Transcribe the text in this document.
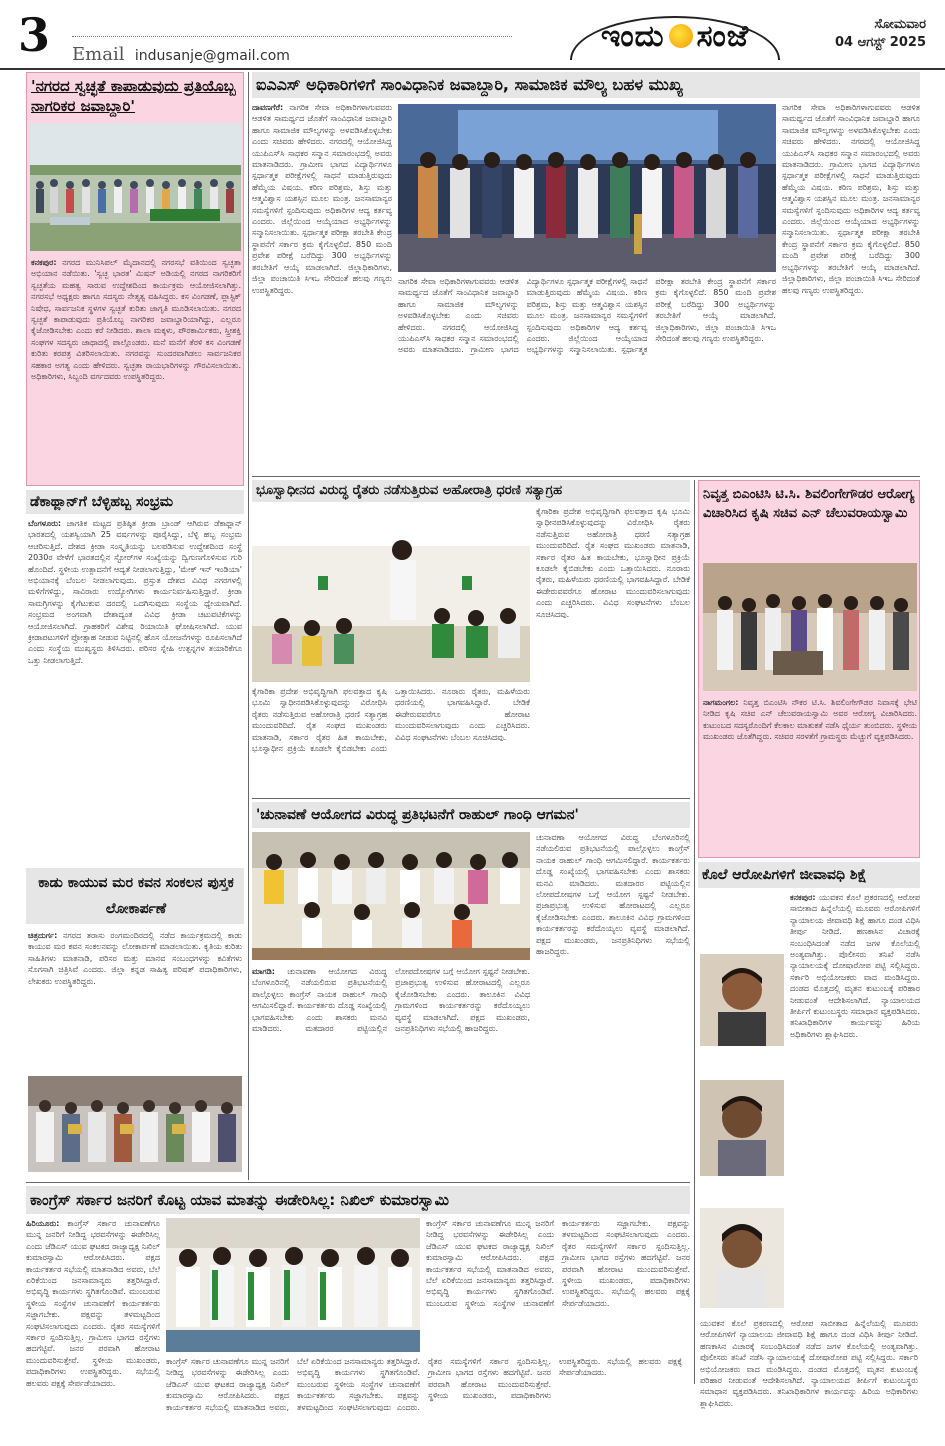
3 Email indusanje@gmail.com
ಇಂದು ಸಂಜೆ	ಸೋಮವಾರ
04 ಆಗಸ್ಟ್ 2025
'ನಗರದ ಸ್ವಚ್ಛತೆ ಕಾಪಾಡುವುದು ಪ್ರತಿಯೊಬ್ಬ ನಾಗರಿಕರ ಜವಾಬ್ದಾರಿ'
ಕನಕಪುರ: ನಗರದ ಮುನಿಸಿಪಲ್ ಮೈದಾನದಲ್ಲಿ ನಗರಸಭೆ ವತಿಯಿಂದ ಸ್ವಚ್ಛತಾ ಅಭಿಯಾನ ನಡೆಯಿತು. 'ಸ್ವಚ್ಛ ಭಾರತ' ಮಿಷನ್ ಅಡಿಯಲ್ಲಿ ನಗರದ ನಾಗರಿಕರಿಗೆ ಸ್ವಚ್ಛತೆಯ ಮಹತ್ವ ಸಾರುವ ಉದ್ದೇಶದಿಂದ ಕಾರ್ಯಕ್ರಮ ಆಯೋಜಿಸಲಾಗಿತ್ತು. ನಗರಸಭೆ ಅಧ್ಯಕ್ಷರು ಹಾಗೂ ಸದಸ್ಯರು ನೇತೃತ್ವ ವಹಿಸಿದ್ದರು. ಕಸ ವಿಂಗಡಣೆ, ಪ್ಲಾಸ್ಟಿಕ್ ನಿಷೇಧ, ಸಾರ್ವಜನಿಕ ಸ್ಥಳಗಳ ಸ್ವಚ್ಛತೆ ಕುರಿತು ಜಾಗೃತಿ ಮೂಡಿಸಲಾಯಿತು. ನಗರದ ಸ್ವಚ್ಛತೆ ಕಾಪಾಡುವುದು ಪ್ರತಿಯೊಬ್ಬ ನಾಗರಿಕರ ಜವಾಬ್ದಾರಿಯಾಗಿದ್ದು, ಎಲ್ಲರೂ ಕೈಜೋಡಿಸಬೇಕು ಎಂದು ಕರೆ ನೀಡಿದರು. ಶಾಲಾ ಮಕ್ಕಳು, ಪೌರಕಾರ್ಮಿಕರು, ಸ್ತ್ರೀಶಕ್ತಿ ಸಂಘಗಳ ಸದಸ್ಯರು ಜಾಥಾದಲ್ಲಿ ಪಾಲ್ಗೊಂಡರು. ಮನೆ ಮನೆಗೆ ತೆರಳಿ ಕಸ ವಿಂಗಡಣೆ ಕುರಿತು ಕರಪತ್ರ ವಿತರಿಸಲಾಯಿತು. ನಗರವನ್ನು ಸುಂದರವಾಗಿಡಲು ಸಾರ್ವಜನಿಕರ ಸಹಕಾರ ಅಗತ್ಯ ಎಂದು ಹೇಳಿದರು. ಸ್ವಚ್ಛತಾ ರಾಯಭಾರಿಗಳನ್ನು ಗೌರವಿಸಲಾಯಿತು. ಅಧಿಕಾರಿಗಳು, ಸಿಬ್ಬಂದಿ ವರ್ಗದವರು ಉಪಸ್ಥಿತರಿದ್ದರು.
ಡೆಕಾಥ್ಲಾನ್‌ಗೆ ಬೆಳ್ಳಿಹಬ್ಬ ಸಂಭ್ರಮ
ಬೆಂಗಳೂರು: ಜಾಗತಿಕ ಮಟ್ಟದ ಪ್ರತಿಷ್ಠಿತ ಕ್ರೀಡಾ ಬ್ರಾಂಡ್ ಆಗಿರುವ ಡೆಕಾಥ್ಲಾನ್ ಭಾರತದಲ್ಲಿ ಯಶಸ್ವಿಯಾಗಿ 25 ವರ್ಷಗಳನ್ನು ಪೂರೈಸಿದ್ದು, ಬೆಳ್ಳಿ ಹಬ್ಬ ಸಂಭ್ರಮ ಆಚರಿಸುತ್ತಿದೆ. ದೇಶದ ಕ್ರೀಡಾ ಸಂಸ್ಕೃತಿಯನ್ನು ಬಲಪಡಿಸುವ ಉದ್ದೇಶದಿಂದ ಸಂಸ್ಥೆ 2030ರ ವೇಳೆಗೆ ಭಾರತದಲ್ಲಿನ ಸ್ಟೋರ್‌ಗಳ ಸಂಖ್ಯೆಯನ್ನು ದ್ವಿಗುಣಗೊಳಿಸುವ ಗುರಿ ಹೊಂದಿದೆ. ಸ್ಥಳೀಯ ಉತ್ಪಾದನೆಗೆ ಆದ್ಯತೆ ನೀಡಲಾಗುತ್ತಿದ್ದು, 'ಮೇಕ್ ಇನ್ ಇಂಡಿಯಾ' ಅಭಿಯಾನಕ್ಕೆ ಬೆಂಬಲ ನೀಡಲಾಗುವುದು. ಪ್ರಸ್ತುತ ದೇಶದ ವಿವಿಧ ನಗರಗಳಲ್ಲಿ ಮಳಿಗೆಗಳಿದ್ದು, ಸಾವಿರಾರು ಉದ್ಯೋಗಿಗಳು ಕಾರ್ಯನಿರ್ವಹಿಸುತ್ತಿದ್ದಾರೆ. ಕ್ರೀಡಾ ಸಾಮಗ್ರಿಗಳನ್ನು ಕೈಗೆಟುಕುವ ದರದಲ್ಲಿ ಒದಗಿಸುವುದು ಸಂಸ್ಥೆಯ ಧ್ಯೇಯವಾಗಿದೆ. ಸಂಭ್ರಮದ ಅಂಗವಾಗಿ ದೇಶಾದ್ಯಂತ ವಿವಿಧ ಕ್ರೀಡಾ ಚಟುವಟಿಕೆಗಳನ್ನು ಆಯೋಜಿಸಲಾಗಿದೆ. ಗ್ರಾಹಕರಿಗೆ ವಿಶೇಷ ರಿಯಾಯಿತಿ ಘೋಷಿಸಲಾಗಿದೆ. ಯುವ ಕ್ರೀಡಾಪಟುಗಳಿಗೆ ಪ್ರೋತ್ಸಾಹ ನೀಡುವ ನಿಟ್ಟಿನಲ್ಲಿ ಹೊಸ ಯೋಜನೆಗಳನ್ನು ರೂಪಿಸಲಾಗಿದೆ ಎಂದು ಸಂಸ್ಥೆಯ ಮುಖ್ಯಸ್ಥರು ತಿಳಿಸಿದರು. ಪರಿಸರ ಸ್ನೇಹಿ ಉತ್ಪನ್ನಗಳ ತಯಾರಿಕೆಗೂ ಒತ್ತು ನೀಡಲಾಗುತ್ತಿದೆ.
ಕಾಡು ಕಾಯುವ ಮರ ಕವನ ಸಂಕಲನ ಪುಸ್ತಕ ಲೋಕಾರ್ಪಣೆ
ಚಿತ್ರದುರ್ಗ: ನಗರದ ತರಾಸು ರಂಗಮಂದಿರದಲ್ಲಿ ನಡೆದ ಕಾರ್ಯಕ್ರಮದಲ್ಲಿ ಕಾಡು ಕಾಯುವ ಮರ ಕವನ ಸಂಕಲನವನ್ನು ಲೋಕಾರ್ಪಣೆ ಮಾಡಲಾಯಿತು. ಕೃತಿಯ ಕುರಿತು ಸಾಹಿತಿಗಳು ಮಾತನಾಡಿ, ಪರಿಸರ ಮತ್ತು ಮಾನವ ಸಂಬಂಧಗಳನ್ನು ಕವಿತೆಗಳು ಸೊಗಸಾಗಿ ಚಿತ್ರಿಸಿವೆ ಎಂದರು. ಜಿಲ್ಲಾ ಕನ್ನಡ ಸಾಹಿತ್ಯ ಪರಿಷತ್ ಪದಾಧಿಕಾರಿಗಳು, ಲೇಖಕರು ಉಪಸ್ಥಿತರಿದ್ದರು.
ಐಎಎಸ್ ಅಧಿಕಾರಿಗಳಿಗೆ ಸಾಂವಿಧಾನಿಕ ಜವಾಬ್ದಾರಿ, ಸಾಮಾಜಿಕ ಮೌಲ್ಯ ಬಹಳ ಮುಖ್ಯ
ದಾವಣಗೆರೆ: ನಾಗರಿಕ ಸೇವಾ ಅಧಿಕಾರಿಗಳಾಗುವವರು ಆಡಳಿತ ಸಾಮರ್ಥ್ಯದ ಜೊತೆಗೆ ಸಾಂವಿಧಾನಿಕ ಜವಾಬ್ದಾರಿ ಹಾಗೂ ಸಾಮಾಜಿಕ ಮೌಲ್ಯಗಳನ್ನು ಅಳವಡಿಸಿಕೊಳ್ಳಬೇಕು ಎಂದು ಸಚಿವರು ಹೇಳಿದರು. ನಗರದಲ್ಲಿ ಆಯೋಜಿಸಿದ್ದ ಯುಪಿಎಸ್‌ಸಿ ಸಾಧಕರ ಸನ್ಮಾನ ಸಮಾರಂಭದಲ್ಲಿ ಅವರು ಮಾತನಾಡಿದರು. ಗ್ರಾಮೀಣ ಭಾಗದ ವಿದ್ಯಾರ್ಥಿಗಳೂ ಸ್ಪರ್ಧಾತ್ಮಕ ಪರೀಕ್ಷೆಗಳಲ್ಲಿ ಸಾಧನೆ ಮಾಡುತ್ತಿರುವುದು ಹೆಮ್ಮೆಯ ವಿಷಯ. ಕಠಿಣ ಪರಿಶ್ರಮ, ಶಿಸ್ತು ಮತ್ತು ಆತ್ಮವಿಶ್ವಾಸ ಯಶಸ್ಸಿನ ಮೂಲ ಮಂತ್ರ. ಜನಸಾಮಾನ್ಯರ ಸಮಸ್ಯೆಗಳಿಗೆ ಸ್ಪಂದಿಸುವುದು ಅಧಿಕಾರಿಗಳ ಆದ್ಯ ಕರ್ತವ್ಯ ಎಂದರು. ಜಿಲ್ಲೆಯಿಂದ ಆಯ್ಕೆಯಾದ ಅಭ್ಯರ್ಥಿಗಳನ್ನು ಸನ್ಮಾನಿಸಲಾಯಿತು. ಸ್ಪರ್ಧಾತ್ಮಕ ಪರೀಕ್ಷಾ ತರಬೇತಿ ಕೇಂದ್ರ ಸ್ಥಾಪನೆಗೆ ಸರ್ಕಾರ ಕ್ರಮ ಕೈಗೊಳ್ಳಲಿದೆ. 850 ಮಂದಿ ಪ್ರವೇಶ ಪರೀಕ್ಷೆ ಬರೆದಿದ್ದು 300 ಅಭ್ಯರ್ಥಿಗಳನ್ನು ತರಬೇತಿಗೆ ಆಯ್ಕೆ ಮಾಡಲಾಗಿದೆ. ಜಿಲ್ಲಾಧಿಕಾರಿಗಳು, ಜಿಲ್ಲಾ ಪಂಚಾಯಿತಿ ಸಿಇಒ ಸೇರಿದಂತೆ ಹಲವು ಗಣ್ಯರು ಉಪಸ್ಥಿತರಿದ್ದರು.
ನಾಗರಿಕ ಸೇವಾ ಅಧಿಕಾರಿಗಳಾಗುವವರು ಆಡಳಿತ ಸಾಮರ್ಥ್ಯದ ಜೊತೆಗೆ ಸಾಂವಿಧಾನಿಕ ಜವಾಬ್ದಾರಿ ಹಾಗೂ ಸಾಮಾಜಿಕ ಮೌಲ್ಯಗಳನ್ನು ಅಳವಡಿಸಿಕೊಳ್ಳಬೇಕು ಎಂದು ಸಚಿವರು ಹೇಳಿದರು. ನಗರದಲ್ಲಿ ಆಯೋಜಿಸಿದ್ದ ಯುಪಿಎಸ್‌ಸಿ ಸಾಧಕರ ಸನ್ಮಾನ ಸಮಾರಂಭದಲ್ಲಿ ಅವರು ಮಾತನಾಡಿದರು. ಗ್ರಾಮೀಣ ಭಾಗದ ವಿದ್ಯಾರ್ಥಿಗಳೂ ಸ್ಪರ್ಧಾತ್ಮಕ ಪರೀಕ್ಷೆಗಳಲ್ಲಿ ಸಾಧನೆ ಮಾಡುತ್ತಿರುವುದು ಹೆಮ್ಮೆಯ ವಿಷಯ. ಕಠಿಣ ಪರಿಶ್ರಮ, ಶಿಸ್ತು ಮತ್ತು ಆತ್ಮವಿಶ್ವಾಸ ಯಶಸ್ಸಿನ ಮೂಲ ಮಂತ್ರ. ಜನಸಾಮಾನ್ಯರ ಸಮಸ್ಯೆಗಳಿಗೆ ಸ್ಪಂದಿಸುವುದು ಅಧಿಕಾರಿಗಳ ಆದ್ಯ ಕರ್ತವ್ಯ ಎಂದರು. ಜಿಲ್ಲೆಯಿಂದ ಆಯ್ಕೆಯಾದ ಅಭ್ಯರ್ಥಿಗಳನ್ನು ಸನ್ಮಾನಿಸಲಾಯಿತು. ಸ್ಪರ್ಧಾತ್ಮಕ ಪರೀಕ್ಷಾ ತರಬೇತಿ ಕೇಂದ್ರ ಸ್ಥಾಪನೆಗೆ ಸರ್ಕಾರ ಕ್ರಮ ಕೈಗೊಳ್ಳಲಿದೆ. 850 ಮಂದಿ ಪ್ರವೇಶ ಪರೀಕ್ಷೆ ಬರೆದಿದ್ದು 300 ಅಭ್ಯರ್ಥಿಗಳನ್ನು ತರಬೇತಿಗೆ ಆಯ್ಕೆ ಮಾಡಲಾಗಿದೆ. ಜಿಲ್ಲಾಧಿಕಾರಿಗಳು, ಜಿಲ್ಲಾ ಪಂಚಾಯಿತಿ ಸಿಇಒ ಸೇರಿದಂತೆ ಹಲವು ಗಣ್ಯರು ಉಪಸ್ಥಿತರಿದ್ದರು.
ನಾಗರಿಕ ಸೇವಾ ಅಧಿಕಾರಿಗಳಾಗುವವರು ಆಡಳಿತ ಸಾಮರ್ಥ್ಯದ ಜೊತೆಗೆ ಸಾಂವಿಧಾನಿಕ ಜವಾಬ್ದಾರಿ ಹಾಗೂ ಸಾಮಾಜಿಕ ಮೌಲ್ಯಗಳನ್ನು ಅಳವಡಿಸಿಕೊಳ್ಳಬೇಕು ಎಂದು ಸಚಿವರು ಹೇಳಿದರು. ನಗರದಲ್ಲಿ ಆಯೋಜಿಸಿದ್ದ ಯುಪಿಎಸ್‌ಸಿ ಸಾಧಕರ ಸನ್ಮಾನ ಸಮಾರಂಭದಲ್ಲಿ ಅವರು ಮಾತನಾಡಿದರು. ಗ್ರಾಮೀಣ ಭಾಗದ ವಿದ್ಯಾರ್ಥಿಗಳೂ ಸ್ಪರ್ಧಾತ್ಮಕ ಪರೀಕ್ಷೆಗಳಲ್ಲಿ ಸಾಧನೆ ಮಾಡುತ್ತಿರುವುದು ಹೆಮ್ಮೆಯ ವಿಷಯ. ಕಠಿಣ ಪರಿಶ್ರಮ, ಶಿಸ್ತು ಮತ್ತು ಆತ್ಮವಿಶ್ವಾಸ ಯಶಸ್ಸಿನ ಮೂಲ ಮಂತ್ರ. ಜನಸಾಮಾನ್ಯರ ಸಮಸ್ಯೆಗಳಿಗೆ ಸ್ಪಂದಿಸುವುದು ಅಧಿಕಾರಿಗಳ ಆದ್ಯ ಕರ್ತವ್ಯ ಎಂದರು. ಜಿಲ್ಲೆಯಿಂದ ಆಯ್ಕೆಯಾದ ಅಭ್ಯರ್ಥಿಗಳನ್ನು ಸನ್ಮಾನಿಸಲಾಯಿತು. ಸ್ಪರ್ಧಾತ್ಮಕ ಪರೀಕ್ಷಾ ತರಬೇತಿ ಕೇಂದ್ರ ಸ್ಥಾಪನೆಗೆ ಸರ್ಕಾರ ಕ್ರಮ ಕೈಗೊಳ್ಳಲಿದೆ. 850 ಮಂದಿ ಪ್ರವೇಶ ಪರೀಕ್ಷೆ ಬರೆದಿದ್ದು 300 ಅಭ್ಯರ್ಥಿಗಳನ್ನು ತರಬೇತಿಗೆ ಆಯ್ಕೆ ಮಾಡಲಾಗಿದೆ. ಜಿಲ್ಲಾಧಿಕಾರಿಗಳು, ಜಿಲ್ಲಾ ಪಂಚಾಯಿತಿ ಸಿಇಒ ಸೇರಿದಂತೆ ಹಲವು ಗಣ್ಯರು ಉಪಸ್ಥಿತರಿದ್ದರು.
ಭೂಸ್ವಾಧೀನದ ವಿರುದ್ಧ ರೈತರು ನಡೆಸುತ್ತಿರುವ ಅಹೋರಾತ್ರಿ ಧರಣಿ ಸತ್ಯಾಗ್ರಹ
ಕೈಗಾರಿಕಾ ಪ್ರದೇಶ ಅಭಿವೃದ್ಧಿಗಾಗಿ ಫಲವತ್ತಾದ ಕೃಷಿ ಭೂಮಿ ಸ್ವಾಧೀನಪಡಿಸಿಕೊಳ್ಳುವುದನ್ನು ವಿರೋಧಿಸಿ ರೈತರು ನಡೆಸುತ್ತಿರುವ ಅಹೋರಾತ್ರಿ ಧರಣಿ ಸತ್ಯಾಗ್ರಹ ಮುಂದುವರಿದಿದೆ. ರೈತ ಸಂಘದ ಮುಖಂಡರು ಮಾತನಾಡಿ, ಸರ್ಕಾರ ರೈತರ ಹಿತ ಕಾಯಬೇಕು, ಭೂಸ್ವಾಧೀನ ಪ್ರಕ್ರಿಯೆ ಕೂಡಲೇ ಕೈಬಿಡಬೇಕು ಎಂದು ಒತ್ತಾಯಿಸಿದರು. ನೂರಾರು ರೈತರು, ಮಹಿಳೆಯರು ಧರಣಿಯಲ್ಲಿ ಭಾಗವಹಿಸಿದ್ದಾರೆ. ಬೇಡಿಕೆ ಈಡೇರುವವರೆಗೂ ಹೋರಾಟ ಮುಂದುವರಿಸಲಾಗುವುದು ಎಂದು ಎಚ್ಚರಿಸಿದರು. ವಿವಿಧ ಸಂಘಟನೆಗಳು ಬೆಂಬಲ ಸೂಚಿಸಿದವು.
ಕೈಗಾರಿಕಾ ಪ್ರದೇಶ ಅಭಿವೃದ್ಧಿಗಾಗಿ ಫಲವತ್ತಾದ ಕೃಷಿ ಭೂಮಿ ಸ್ವಾಧೀನಪಡಿಸಿಕೊಳ್ಳುವುದನ್ನು ವಿರೋಧಿಸಿ ರೈತರು ನಡೆಸುತ್ತಿರುವ ಅಹೋರಾತ್ರಿ ಧರಣಿ ಸತ್ಯಾಗ್ರಹ ಮುಂದುವರಿದಿದೆ. ರೈತ ಸಂಘದ ಮುಖಂಡರು ಮಾತನಾಡಿ, ಸರ್ಕಾರ ರೈತರ ಹಿತ ಕಾಯಬೇಕು, ಭೂಸ್ವಾಧೀನ ಪ್ರಕ್ರಿಯೆ ಕೂಡಲೇ ಕೈಬಿಡಬೇಕು ಎಂದು ಒತ್ತಾಯಿಸಿದರು. ನೂರಾರು ರೈತರು, ಮಹಿಳೆಯರು ಧರಣಿಯಲ್ಲಿ ಭಾಗವಹಿಸಿದ್ದಾರೆ. ಬೇಡಿಕೆ ಈಡೇರುವವರೆಗೂ ಹೋರಾಟ ಮುಂದುವರಿಸಲಾಗುವುದು ಎಂದು ಎಚ್ಚರಿಸಿದರು. ವಿವಿಧ ಸಂಘಟನೆಗಳು ಬೆಂಬಲ ಸೂಚಿಸಿದವು.
ನಿವೃತ್ತ ಬಿಎಂಟಿಸಿ ಟಿ.ಸಿ. ಶಿವಲಿಂಗೇಗೌಡರ ಆರೋಗ್ಯ ವಿಚಾರಿಸಿದ ಕೃಷಿ ಸಚಿವ ಎನ್ ಚೆಲುವರಾಯಸ್ವಾಮಿ
ನಾಗಮಂಗಲ: ನಿವೃತ್ತ ಬಿಎಂಟಿಸಿ ನೌಕರ ಟಿ.ಸಿ. ಶಿವಲಿಂಗೇಗೌಡರ ನಿವಾಸಕ್ಕೆ ಭೇಟಿ ನೀಡಿದ ಕೃಷಿ ಸಚಿವ ಎನ್ ಚೆಲುವರಾಯಸ್ವಾಮಿ ಅವರ ಆರೋಗ್ಯ ವಿಚಾರಿಸಿದರು. ಕುಟುಂಬದ ಸದಸ್ಯರೊಂದಿಗೆ ಕೆಲಕಾಲ ಮಾತುಕತೆ ನಡೆಸಿ ಧೈರ್ಯ ತುಂಬಿದರು. ಸ್ಥಳೀಯ ಮುಖಂಡರು ಜೊತೆಗಿದ್ದರು. ಸಚಿವರ ಸರಳತೆಗೆ ಗ್ರಾಮಸ್ಥರು ಮೆಚ್ಚುಗೆ ವ್ಯಕ್ತಪಡಿಸಿದರು.
'ಚುನಾವಣೆ ಆಯೋಗದ ವಿರುದ್ಧ ಪ್ರತಿಭಟನೆಗೆ ರಾಹುಲ್ ಗಾಂಧಿ ಆಗಮನ'
ಮಾಗಡಿ: ಚುನಾವಣಾ ಆಯೋಗದ ವಿರುದ್ಧ ಬೆಂಗಳೂರಿನಲ್ಲಿ ನಡೆಯಲಿರುವ ಪ್ರತಿಭಟನೆಯಲ್ಲಿ ಪಾಲ್ಗೊಳ್ಳಲು ಕಾಂಗ್ರೆಸ್ ನಾಯಕ ರಾಹುಲ್ ಗಾಂಧಿ ಆಗಮಿಸಲಿದ್ದಾರೆ. ಕಾರ್ಯಕರ್ತರು ದೊಡ್ಡ ಸಂಖ್ಯೆಯಲ್ಲಿ ಭಾಗವಹಿಸಬೇಕು ಎಂದು ಶಾಸಕರು ಮನವಿ ಮಾಡಿದರು. ಮತದಾರರ ಪಟ್ಟಿಯಲ್ಲಿನ ಲೋಪದೋಷಗಳ ಬಗ್ಗೆ ಆಯೋಗ ಸ್ಪಷ್ಟನೆ ನೀಡಬೇಕು. ಪ್ರಜಾಪ್ರಭುತ್ವ ಉಳಿಸುವ ಹೋರಾಟದಲ್ಲಿ ಎಲ್ಲರೂ ಕೈಜೋಡಿಸಬೇಕು ಎಂದರು. ತಾಲೂಕಿನ ವಿವಿಧ ಗ್ರಾಮಗಳಿಂದ ಕಾರ್ಯಕರ್ತರನ್ನು ಕರೆದೊಯ್ಯಲು ವ್ಯವಸ್ಥೆ ಮಾಡಲಾಗಿದೆ. ಪಕ್ಷದ ಮುಖಂಡರು, ಜನಪ್ರತಿನಿಧಿಗಳು ಸಭೆಯಲ್ಲಿ ಹಾಜರಿದ್ದರು.
ಚುನಾವಣಾ ಆಯೋಗದ ವಿರುದ್ಧ ಬೆಂಗಳೂರಿನಲ್ಲಿ ನಡೆಯಲಿರುವ ಪ್ರತಿಭಟನೆಯಲ್ಲಿ ಪಾಲ್ಗೊಳ್ಳಲು ಕಾಂಗ್ರೆಸ್ ನಾಯಕ ರಾಹುಲ್ ಗಾಂಧಿ ಆಗಮಿಸಲಿದ್ದಾರೆ. ಕಾರ್ಯಕರ್ತರು ದೊಡ್ಡ ಸಂಖ್ಯೆಯಲ್ಲಿ ಭಾಗವಹಿಸಬೇಕು ಎಂದು ಶಾಸಕರು ಮನವಿ ಮಾಡಿದರು. ಮತದಾರರ ಪಟ್ಟಿಯಲ್ಲಿನ ಲೋಪದೋಷಗಳ ಬಗ್ಗೆ ಆಯೋಗ ಸ್ಪಷ್ಟನೆ ನೀಡಬೇಕು. ಪ್ರಜಾಪ್ರಭುತ್ವ ಉಳಿಸುವ ಹೋರಾಟದಲ್ಲಿ ಎಲ್ಲರೂ ಕೈಜೋಡಿಸಬೇಕು ಎಂದರು. ತಾಲೂಕಿನ ವಿವಿಧ ಗ್ರಾಮಗಳಿಂದ ಕಾರ್ಯಕರ್ತರನ್ನು ಕರೆದೊಯ್ಯಲು ವ್ಯವಸ್ಥೆ ಮಾಡಲಾಗಿದೆ. ಪಕ್ಷದ ಮುಖಂಡರು, ಜನಪ್ರತಿನಿಧಿಗಳು ಸಭೆಯಲ್ಲಿ ಹಾಜರಿದ್ದರು.
ಕೊಲೆ ಆರೋಪಿಗಳಿಗೆ ಜೀವಾವಧಿ ಶಿಕ್ಷೆ
ಕನಕಪುರ: ಯುವಕನ ಕೊಲೆ ಪ್ರಕರಣದಲ್ಲಿ ಆರೋಪ ಸಾಬೀತಾದ ಹಿನ್ನೆಲೆಯಲ್ಲಿ ಮೂವರು ಆರೋಪಿಗಳಿಗೆ ನ್ಯಾಯಾಲಯ ಜೀವಾವಧಿ ಶಿಕ್ಷೆ ಹಾಗೂ ದಂಡ ವಿಧಿಸಿ ತೀರ್ಪು ನೀಡಿದೆ. ಹಣಕಾಸಿನ ವಿಚಾರಕ್ಕೆ ಸಂಬಂಧಿಸಿದಂತೆ ನಡೆದ ಜಗಳ ಕೊಲೆಯಲ್ಲಿ ಅಂತ್ಯವಾಗಿತ್ತು. ಪೊಲೀಸರು ತನಿಖೆ ನಡೆಸಿ ನ್ಯಾಯಾಲಯಕ್ಕೆ ದೋಷಾರೋಪ ಪಟ್ಟಿ ಸಲ್ಲಿಸಿದ್ದರು. ಸರ್ಕಾರಿ ಅಭಿಯೋಜಕರು ವಾದ ಮಂಡಿಸಿದ್ದರು. ದಂಡದ ಮೊತ್ತದಲ್ಲಿ ಮೃತನ ಕುಟುಂಬಕ್ಕೆ ಪರಿಹಾರ ನೀಡುವಂತೆ ಆದೇಶಿಸಲಾಗಿದೆ. ನ್ಯಾಯಾಲಯದ ತೀರ್ಪಿಗೆ ಕುಟುಂಬಸ್ಥರು ಸಮಾಧಾನ ವ್ಯಕ್ತಪಡಿಸಿದರು. ತನಿಖಾಧಿಕಾರಿಗಳ ಕಾರ್ಯವನ್ನು ಹಿರಿಯ ಅಧಿಕಾರಿಗಳು ಶ್ಲಾಘಿಸಿದರು.
ಯುವಕನ ಕೊಲೆ ಪ್ರಕರಣದಲ್ಲಿ ಆರೋಪ ಸಾಬೀತಾದ ಹಿನ್ನೆಲೆಯಲ್ಲಿ ಮೂವರು ಆರೋಪಿಗಳಿಗೆ ನ್ಯಾಯಾಲಯ ಜೀವಾವಧಿ ಶಿಕ್ಷೆ ಹಾಗೂ ದಂಡ ವಿಧಿಸಿ ತೀರ್ಪು ನೀಡಿದೆ. ಹಣಕಾಸಿನ ವಿಚಾರಕ್ಕೆ ಸಂಬಂಧಿಸಿದಂತೆ ನಡೆದ ಜಗಳ ಕೊಲೆಯಲ್ಲಿ ಅಂತ್ಯವಾಗಿತ್ತು. ಪೊಲೀಸರು ತನಿಖೆ ನಡೆಸಿ ನ್ಯಾಯಾಲಯಕ್ಕೆ ದೋಷಾರೋಪ ಪಟ್ಟಿ ಸಲ್ಲಿಸಿದ್ದರು. ಸರ್ಕಾರಿ ಅಭಿಯೋಜಕರು ವಾದ ಮಂಡಿಸಿದ್ದರು. ದಂಡದ ಮೊತ್ತದಲ್ಲಿ ಮೃತನ ಕುಟುಂಬಕ್ಕೆ ಪರಿಹಾರ ನೀಡುವಂತೆ ಆದೇಶಿಸಲಾಗಿದೆ. ನ್ಯಾಯಾಲಯದ ತೀರ್ಪಿಗೆ ಕುಟುಂಬಸ್ಥರು ಸಮಾಧಾನ ವ್ಯಕ್ತಪಡಿಸಿದರು. ತನಿಖಾಧಿಕಾರಿಗಳ ಕಾರ್ಯವನ್ನು ಹಿರಿಯ ಅಧಿಕಾರಿಗಳು ಶ್ಲಾಘಿಸಿದರು.
ಕಾಂಗ್ರೆಸ್ ಸರ್ಕಾರ ಜನರಿಗೆ ಕೊಟ್ಟ ಯಾವ ಮಾತನ್ನು ಈಡೇರಿಸಿಲ್ಲ: ನಿಖಿಲ್ ಕುಮಾರಸ್ವಾಮಿ
ಹಿರಿಯೂರು: ಕಾಂಗ್ರೆಸ್ ಸರ್ಕಾರ ಚುನಾವಣೆಗೂ ಮುನ್ನ ಜನರಿಗೆ ನೀಡಿದ್ದ ಭರವಸೆಗಳನ್ನು ಈಡೇರಿಸಿಲ್ಲ ಎಂದು ಜೆಡಿಎಸ್ ಯುವ ಘಟಕದ ರಾಜ್ಯಾಧ್ಯಕ್ಷ ನಿಖಿಲ್ ಕುಮಾರಸ್ವಾಮಿ ಆರೋಪಿಸಿದರು. ಪಕ್ಷದ ಕಾರ್ಯಕರ್ತರ ಸಭೆಯಲ್ಲಿ ಮಾತನಾಡಿದ ಅವರು, ಬೆಲೆ ಏರಿಕೆಯಿಂದ ಜನಸಾಮಾನ್ಯರು ತತ್ತರಿಸಿದ್ದಾರೆ. ಅಭಿವೃದ್ಧಿ ಕಾರ್ಯಗಳು ಸ್ಥಗಿತಗೊಂಡಿವೆ. ಮುಂಬರುವ ಸ್ಥಳೀಯ ಸಂಸ್ಥೆಗಳ ಚುನಾವಣೆಗೆ ಕಾರ್ಯಕರ್ತರು ಸಜ್ಜಾಗಬೇಕು. ಪಕ್ಷವನ್ನು ತಳಮಟ್ಟದಿಂದ ಸಂಘಟಿಸಲಾಗುವುದು ಎಂದರು. ರೈತರ ಸಮಸ್ಯೆಗಳಿಗೆ ಸರ್ಕಾರ ಸ್ಪಂದಿಸುತ್ತಿಲ್ಲ. ಗ್ರಾಮೀಣ ಭಾಗದ ರಸ್ತೆಗಳು ಹದಗೆಟ್ಟಿವೆ. ಜನರ ಪರವಾಗಿ ಹೋರಾಟ ಮುಂದುವರಿಸುತ್ತೇವೆ. ಸ್ಥಳೀಯ ಮುಖಂಡರು, ಪದಾಧಿಕಾರಿಗಳು ಉಪಸ್ಥಿತರಿದ್ದರು. ಸಭೆಯಲ್ಲಿ ಹಲವರು ಪಕ್ಷಕ್ಕೆ ಸೇರ್ಪಡೆಯಾದರು.
ಕಾಂಗ್ರೆಸ್ ಸರ್ಕಾರ ಚುನಾವಣೆಗೂ ಮುನ್ನ ಜನರಿಗೆ ನೀಡಿದ್ದ ಭರವಸೆಗಳನ್ನು ಈಡೇರಿಸಿಲ್ಲ ಎಂದು ಜೆಡಿಎಸ್ ಯುವ ಘಟಕದ ರಾಜ್ಯಾಧ್ಯಕ್ಷ ನಿಖಿಲ್ ಕುಮಾರಸ್ವಾಮಿ ಆರೋಪಿಸಿದರು. ಪಕ್ಷದ ಕಾರ್ಯಕರ್ತರ ಸಭೆಯಲ್ಲಿ ಮಾತನಾಡಿದ ಅವರು, ಬೆಲೆ ಏರಿಕೆಯಿಂದ ಜನಸಾಮಾನ್ಯರು ತತ್ತರಿಸಿದ್ದಾರೆ. ಅಭಿವೃದ್ಧಿ ಕಾರ್ಯಗಳು ಸ್ಥಗಿತಗೊಂಡಿವೆ. ಮುಂಬರುವ ಸ್ಥಳೀಯ ಸಂಸ್ಥೆಗಳ ಚುನಾವಣೆಗೆ ಕಾರ್ಯಕರ್ತರು ಸಜ್ಜಾಗಬೇಕು. ಪಕ್ಷವನ್ನು ತಳಮಟ್ಟದಿಂದ ಸಂಘಟಿಸಲಾಗುವುದು ಎಂದರು. ರೈತರ ಸಮಸ್ಯೆಗಳಿಗೆ ಸರ್ಕಾರ ಸ್ಪಂದಿಸುತ್ತಿಲ್ಲ. ಗ್ರಾಮೀಣ ಭಾಗದ ರಸ್ತೆಗಳು ಹದಗೆಟ್ಟಿವೆ. ಜನರ ಪರವಾಗಿ ಹೋರಾಟ ಮುಂದುವರಿಸುತ್ತೇವೆ. ಸ್ಥಳೀಯ ಮುಖಂಡರು, ಪದಾಧಿಕಾರಿಗಳು ಉಪಸ್ಥಿತರಿದ್ದರು. ಸಭೆಯಲ್ಲಿ ಹಲವರು ಪಕ್ಷಕ್ಕೆ ಸೇರ್ಪಡೆಯಾದರು.
ಕಾಂಗ್ರೆಸ್ ಸರ್ಕಾರ ಚುನಾವಣೆಗೂ ಮುನ್ನ ಜನರಿಗೆ ನೀಡಿದ್ದ ಭರವಸೆಗಳನ್ನು ಈಡೇರಿಸಿಲ್ಲ ಎಂದು ಜೆಡಿಎಸ್ ಯುವ ಘಟಕದ ರಾಜ್ಯಾಧ್ಯಕ್ಷ ನಿಖಿಲ್ ಕುಮಾರಸ್ವಾಮಿ ಆರೋಪಿಸಿದರು. ಪಕ್ಷದ ಕಾರ್ಯಕರ್ತರ ಸಭೆಯಲ್ಲಿ ಮಾತನಾಡಿದ ಅವರು, ಬೆಲೆ ಏರಿಕೆಯಿಂದ ಜನಸಾಮಾನ್ಯರು ತತ್ತರಿಸಿದ್ದಾರೆ. ಅಭಿವೃದ್ಧಿ ಕಾರ್ಯಗಳು ಸ್ಥಗಿತಗೊಂಡಿವೆ. ಮುಂಬರುವ ಸ್ಥಳೀಯ ಸಂಸ್ಥೆಗಳ ಚುನಾವಣೆಗೆ ಕಾರ್ಯಕರ್ತರು ಸಜ್ಜಾಗಬೇಕು. ಪಕ್ಷವನ್ನು ತಳಮಟ್ಟದಿಂದ ಸಂಘಟಿಸಲಾಗುವುದು ಎಂದರು. ರೈತರ ಸಮಸ್ಯೆಗಳಿಗೆ ಸರ್ಕಾರ ಸ್ಪಂದಿಸುತ್ತಿಲ್ಲ. ಗ್ರಾಮೀಣ ಭಾಗದ ರಸ್ತೆಗಳು ಹದಗೆಟ್ಟಿವೆ. ಜನರ ಪರವಾಗಿ ಹೋರಾಟ ಮುಂದುವರಿಸುತ್ತೇವೆ. ಸ್ಥಳೀಯ ಮುಖಂಡರು, ಪದಾಧಿಕಾರಿಗಳು ಉಪಸ್ಥಿತರಿದ್ದರು. ಸಭೆಯಲ್ಲಿ ಹಲವರು ಪಕ್ಷಕ್ಕೆ ಸೇರ್ಪಡೆಯಾದರು.
